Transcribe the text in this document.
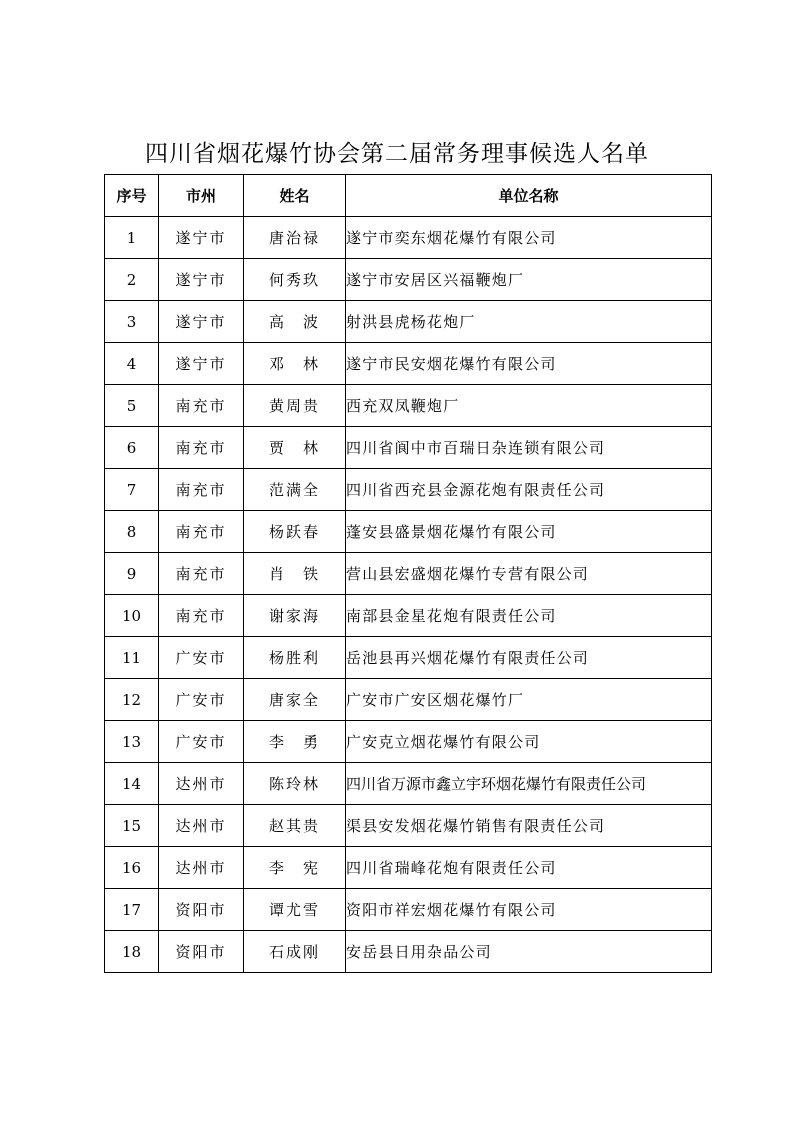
四川省烟花爆竹协会第二届常务理事候选人名单
序号	市州	姓名	单位名称
1	遂宁市	唐治禄	遂宁市奕东烟花爆竹有限公司
2	遂宁市	何秀玖	遂宁市安居区兴福鞭炮厂
3	遂宁市	高　波	射洪县虎杨花炮厂
4	遂宁市	邓　林	遂宁市民安烟花爆竹有限公司
5	南充市	黄周贵	西充双凤鞭炮厂
6	南充市	贾　林	四川省阆中市百瑞日杂连锁有限公司
7	南充市	范满全	四川省西充县金源花炮有限责任公司
8	南充市	杨跃春	蓬安县盛景烟花爆竹有限公司
9	南充市	肖　铁	营山县宏盛烟花爆竹专营有限公司
10	南充市	谢家海	南部县金星花炮有限责任公司
11	广安市	杨胜利	岳池县再兴烟花爆竹有限责任公司
12	广安市	唐家全	广安市广安区烟花爆竹厂
13	广安市	李　勇	广安克立烟花爆竹有限公司
14	达州市	陈玲林	四川省万源市鑫立宇环烟花爆竹有限责任公司
15	达州市	赵其贵	渠县安发烟花爆竹销售有限责任公司
16	达州市	李　宪	四川省瑞峰花炮有限责任公司
17	资阳市	谭尤雪	资阳市祥宏烟花爆竹有限公司
18	资阳市	石成刚	安岳县日用杂品公司
